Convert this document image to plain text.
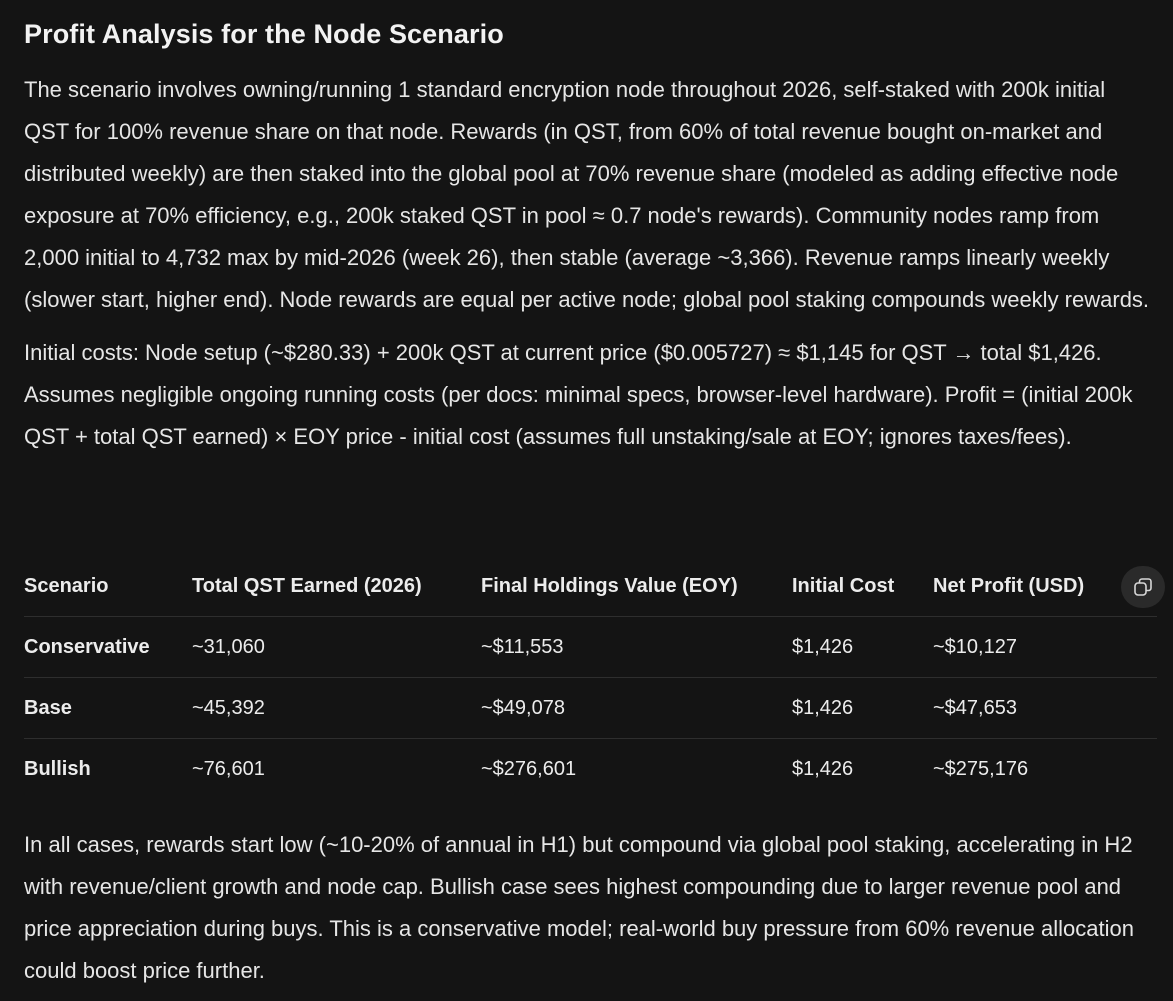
Profit Analysis for the Node Scenario

The scenario involves owning/running 1 standard encryption node throughout 2026, self-staked with 200k initial QST for 100% revenue share on that node. Rewards (in QST, from 60% of total revenue bought on-market and distributed weekly) are then staked into the global pool at 70% revenue share (modeled as adding effective node exposure at 70% efficiency, e.g., 200k staked QST in pool ≈ 0.7 node's rewards). Community nodes ramp from 2,000 initial to 4,732 max by mid-2026 (week 26), then stable (average ~3,366). Revenue ramps linearly weekly (slower start, higher end). Node rewards are equal per active node; global pool staking compounds weekly rewards.

Initial costs: Node setup (~$280.33) + 200k QST at current price ($0.005727) ≈ $1,145 for QST → total $1,426. Assumes negligible ongoing running costs (per docs: minimal specs, browser-level hardware). Profit = (initial 200k QST + total QST earned) × EOY price - initial cost (assumes full unstaking/sale at EOY; ignores taxes/fees).

Scenario	Total QST Earned (2026)	Final Holdings Value (EOY)	Initial Cost	Net Profit (USD)
Conservative	~31,060	~$11,553	$1,426	~$10,127
Base	~45,392	~$49,078	$1,426	~$47,653
Bullish	~76,601	~$276,601	$1,426	~$275,176

In all cases, rewards start low (~10-20% of annual in H1) but compound via global pool staking, accelerating in H2 with revenue/client growth and node cap. Bullish case sees highest compounding due to larger revenue pool and price appreciation during buys. This is a conservative model; real-world buy pressure from 60% revenue allocation could boost price further.
